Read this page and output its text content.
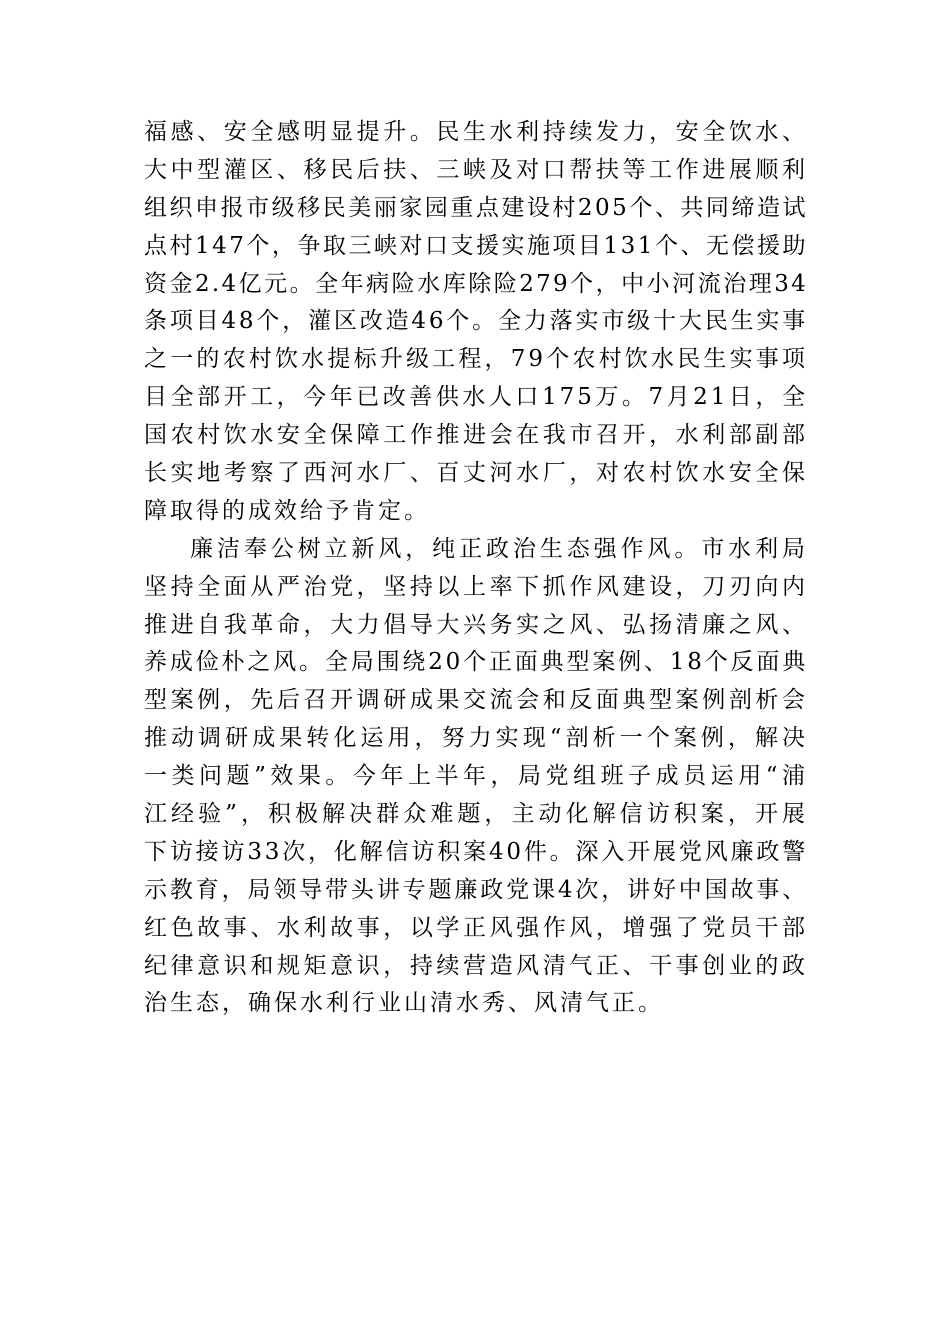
福感、安全感明显提升。民生水利持续发力，安全饮水、
大中型灌区、移民后扶、三峡及对口帮扶等工作进展顺利
组织申报市级移民美丽家园重点建设村205个、共同缔造试
点村147个，争取三峡对口支援实施项目131个、无偿援助
资金2.4亿元。全年病险水库除险279个，中小河流治理34
条项目48个，灌区改造46个。全力落实市级十大民生实事
之一的农村饮水提标升级工程，79个农村饮水民生实事项
目全部开工，今年已改善供水人口175万。7月21日，全
国农村饮水安全保障工作推进会在我市召开，水利部副部
长实地考察了西河水厂、百丈河水厂，对农村饮水安全保
障取得的成效给予肯定。
廉洁奉公树立新风，纯正政治生态强作风。市水利局
坚持全面从严治党，坚持以上率下抓作风建设，刀刃向内
推进自我革命，大力倡导大兴务实之风、弘扬清廉之风、
养成俭朴之风。全局围绕20个正面典型案例、18个反面典
型案例，先后召开调研成果交流会和反面典型案例剖析会
推动调研成果转化运用，努力实现“剖析一个案例，解决
一类问题”效果。今年上半年，局党组班子成员运用“浦
江经验”，积极解决群众难题，主动化解信访积案，开展
下访接访33次，化解信访积案40件。深入开展党风廉政警
示教育，局领导带头讲专题廉政党课4次，讲好中国故事、
红色故事、水利故事，以学正风强作风，增强了党员干部
纪律意识和规矩意识，持续营造风清气正、干事创业的政
治生态，确保水利行业山清水秀、风清气正。
